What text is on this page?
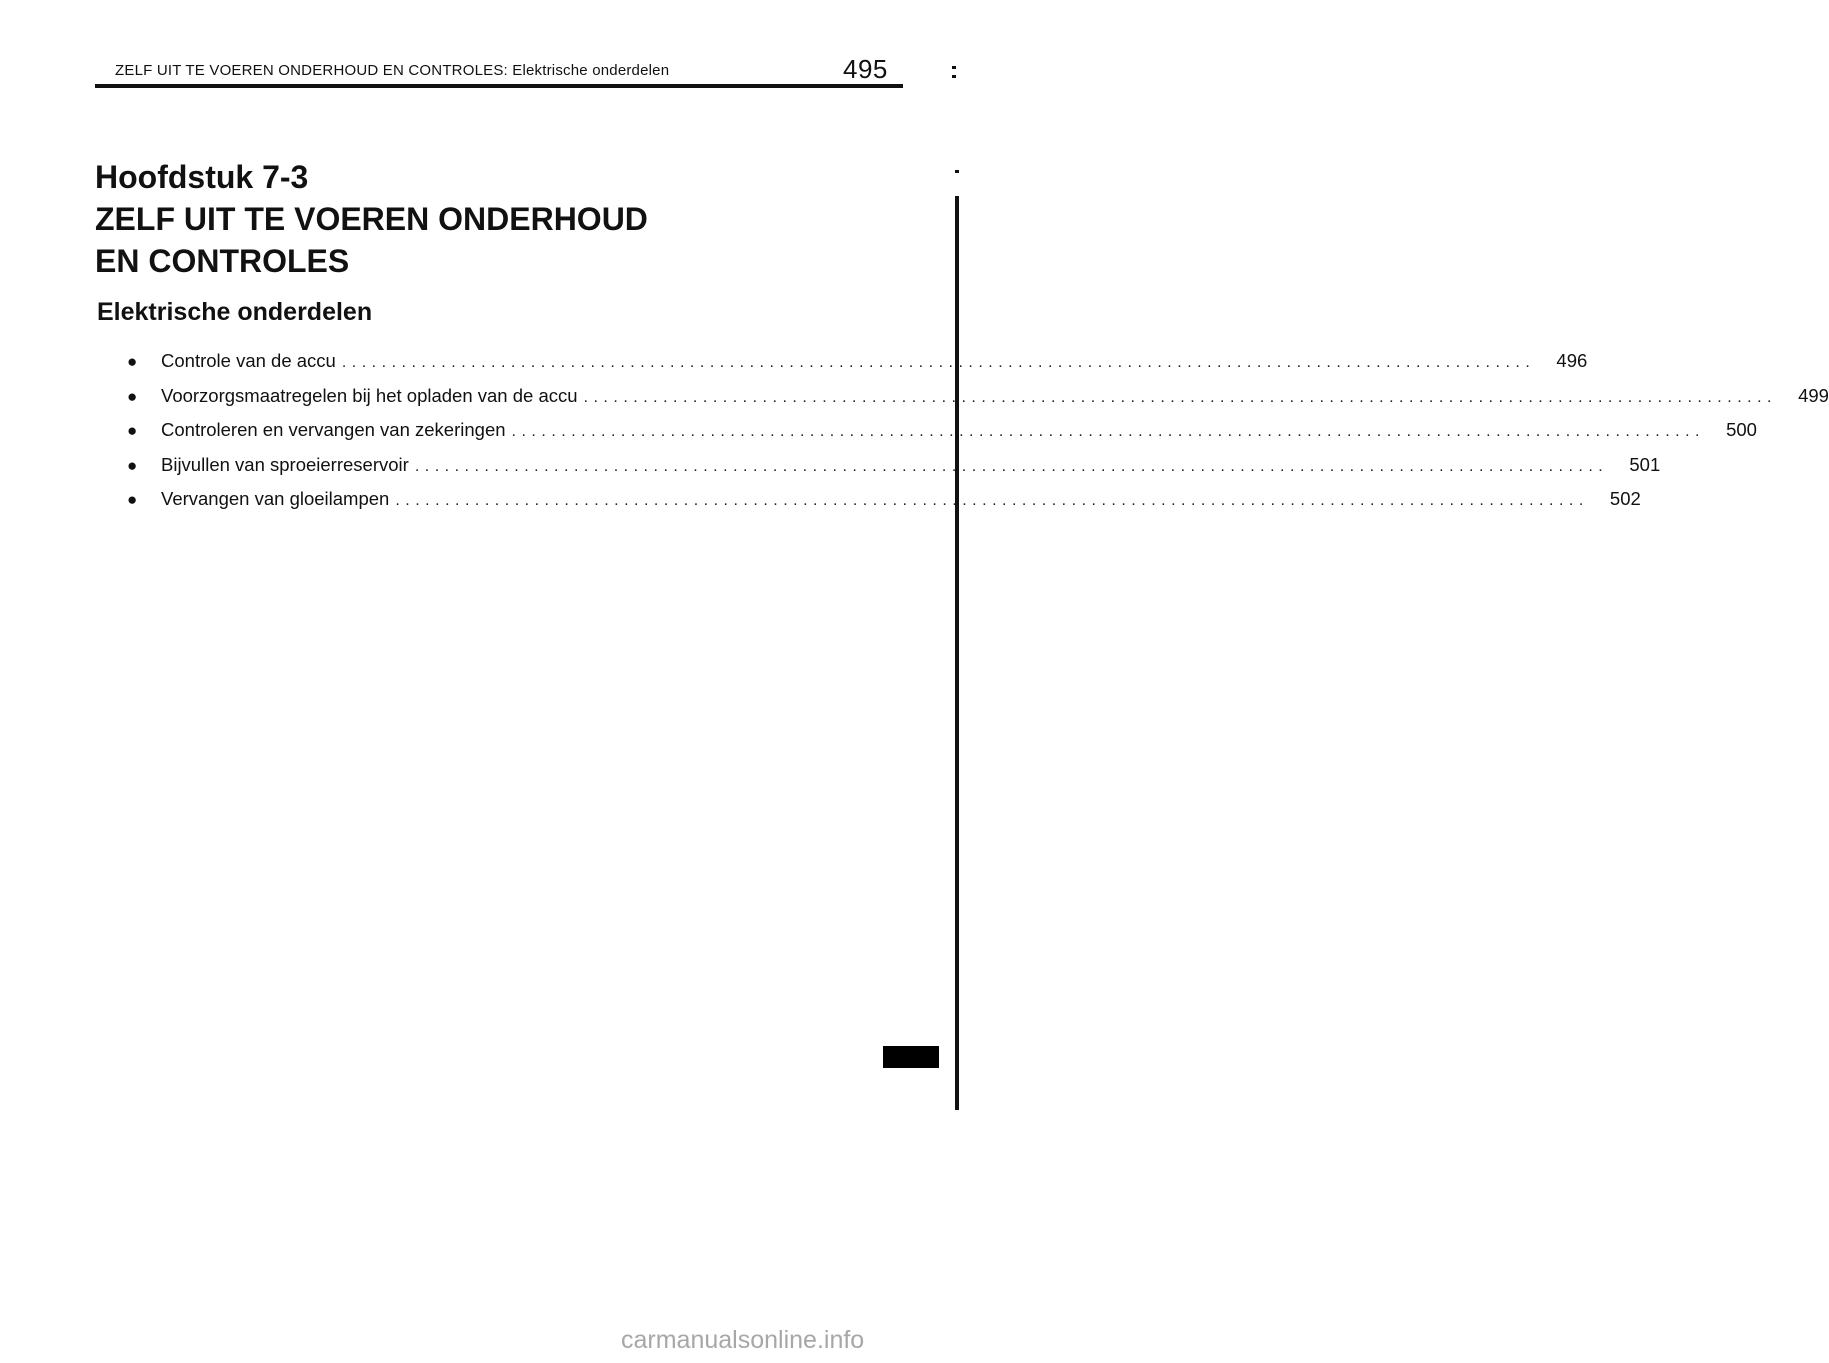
ZELF UIT TE VOEREN ONDERHOUD EN CONTROLES: Elektrische onderdelen	495
Hoofdstuk 7-3
ZELF UIT TE VOEREN ONDERHOUD
EN CONTROLES
Elektrische onderdelen
●	Controle van de accu ........................................................................................................................	496
●	Voorzorgsmaatregelen bij het opladen van de accu ........................................................................................................................	499
●	Controleren en vervangen van zekeringen ........................................................................................................................	500
●	Bijvullen van sproeierreservoir ........................................................................................................................	501
●	Vervangen van gloeilampen ........................................................................................................................	502
carmanualsonline.info
